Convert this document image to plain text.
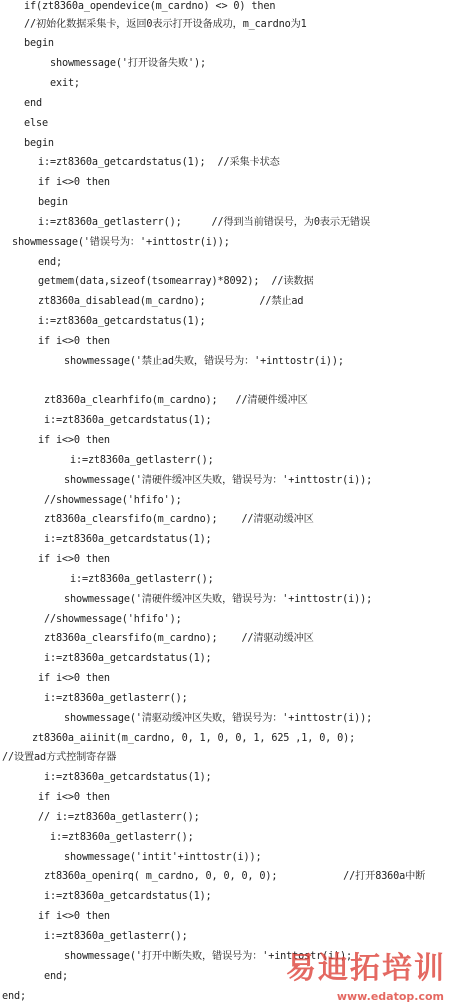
if(zt8360a_opendevice(m_cardno) <> 0) then
//初始化数据采集卡，返回0表示打开设备成功，m_cardno为1
begin
showmessage('打开设备失败');
exit;
end
else
begin
i:=zt8360a_getcardstatus(1);  //采集卡状态
if i<>0 then
begin
i:=zt8360a_getlasterr();     //得到当前错误号，为0表示无错误
showmessage('错误号为：'+inttostr(i));
end;
getmem(data,sizeof(tsomearray)*8092);  //读数据
zt8360a_disablead(m_cardno);         //禁止ad
i:=zt8360a_getcardstatus(1);
if i<>0 then
showmessage('禁止ad失败，错误号为：'+inttostr(i));
zt8360a_clearhfifo(m_cardno);   //清硬件缓冲区
i:=zt8360a_getcardstatus(1);
if i<>0 then
i:=zt8360a_getlasterr();
showmessage('清硬件缓冲区失败，错误号为：'+inttostr(i));
//showmessage('hfifo');
zt8360a_clearsfifo(m_cardno);    //清驱动缓冲区
i:=zt8360a_getcardstatus(1);
if i<>0 then
i:=zt8360a_getlasterr();
showmessage('清硬件缓冲区失败，错误号为：'+inttostr(i));
//showmessage('hfifo');
zt8360a_clearsfifo(m_cardno);    //清驱动缓冲区
i:=zt8360a_getcardstatus(1);
if i<>0 then
i:=zt8360a_getlasterr();
showmessage('清驱动缓冲区失败，错误号为：'+inttostr(i));
zt8360a_aiinit(m_cardno, 0, 1, 0, 0, 1, 625 ,1, 0, 0);
//设置ad方式控制寄存器
i:=zt8360a_getcardstatus(1);
if i<>0 then
// i:=zt8360a_getlasterr();
i:=zt8360a_getlasterr();
showmessage('intit'+inttostr(i));
zt8360a_openirq( m_cardno, 0, 0, 0, 0);           //打开8360a中断
i:=zt8360a_getcardstatus(1);
if i<>0 then
i:=zt8360a_getlasterr();
showmessage('打开中断失败，错误号为：'+inttostr(i));
end;
end;
易迪拓培训
www.edatop.com
